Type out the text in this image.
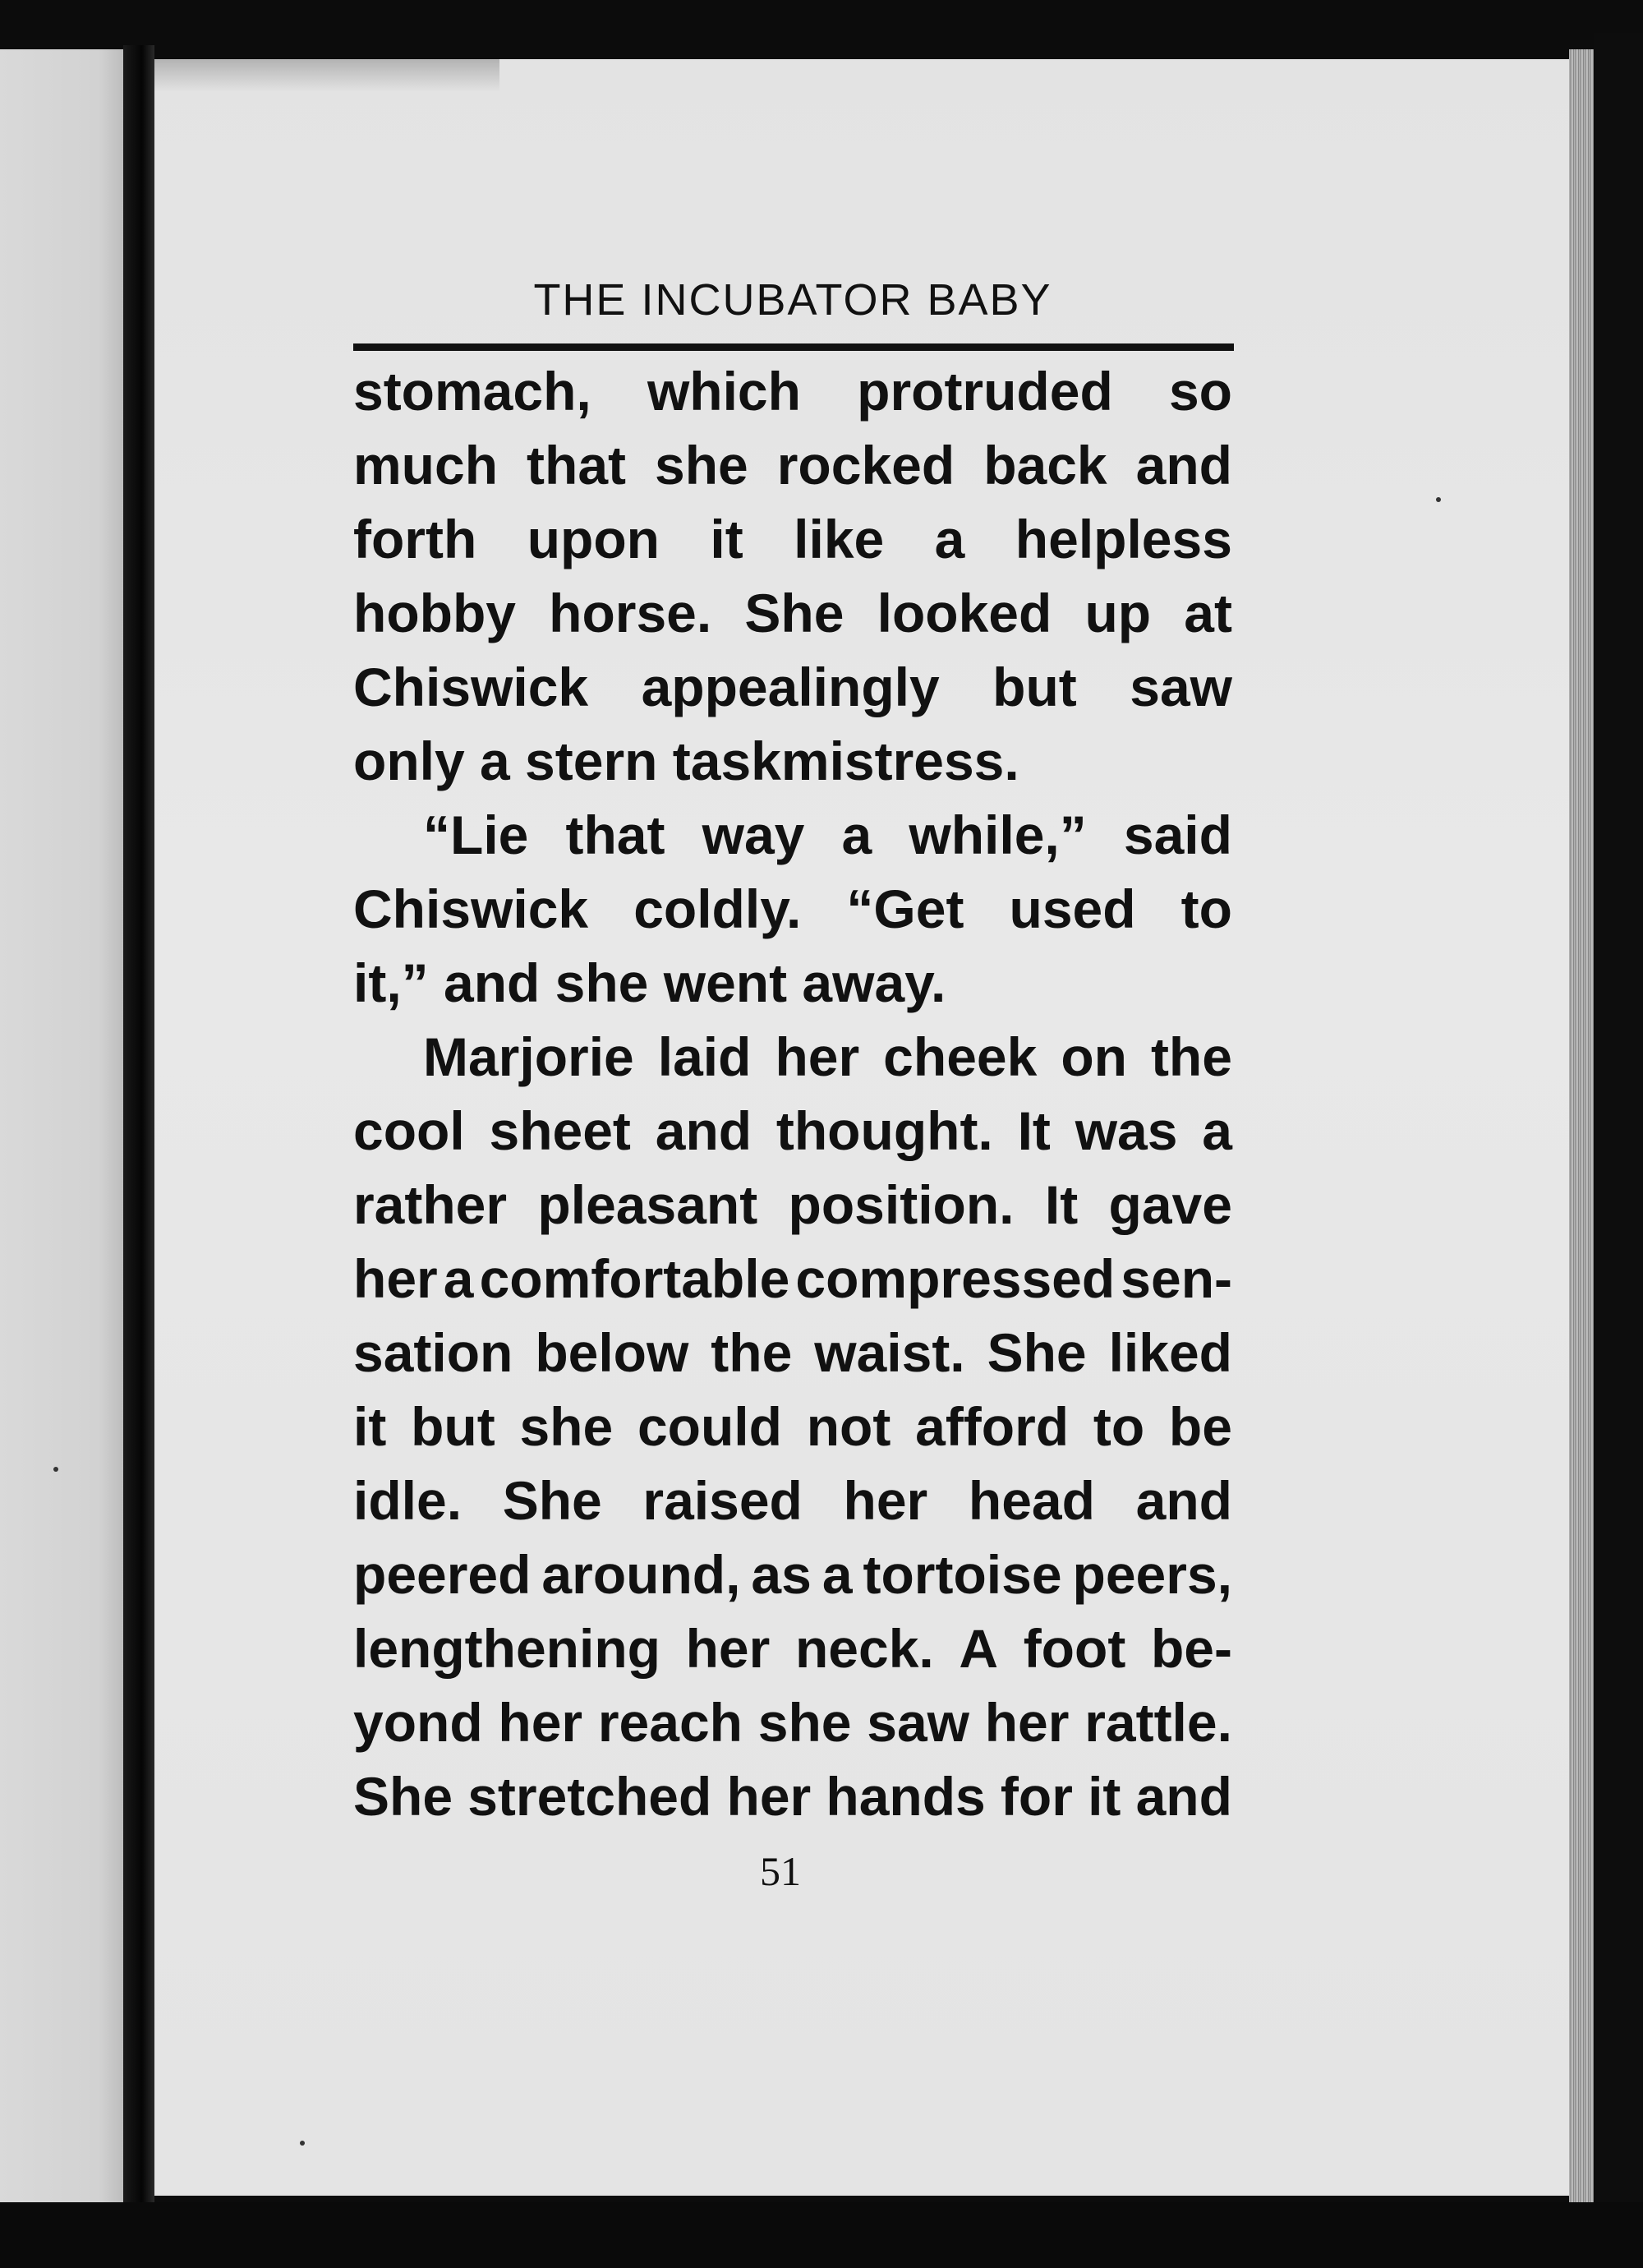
THE INCUBATOR BABY
stomach, which protruded so
much that she rocked back and
forth upon it like a helpless
hobby horse. She looked up at
Chiswick appealingly but saw
only a stern taskmistress.
“Lie that way a while,” said
Chiswick coldly. “Get used to
it,” and she went away.
Marjorie laid her cheek on the
cool sheet and thought. It was a
rather pleasant position. It gave
her a comfortable compressed sen-
sation below the waist. She liked
it but she could not afford to be
idle. She raised her head and
peered around, as a tortoise peers,
lengthening her neck. A foot be-
yond her reach she saw her rattle.
She stretched her hands for it and
51
